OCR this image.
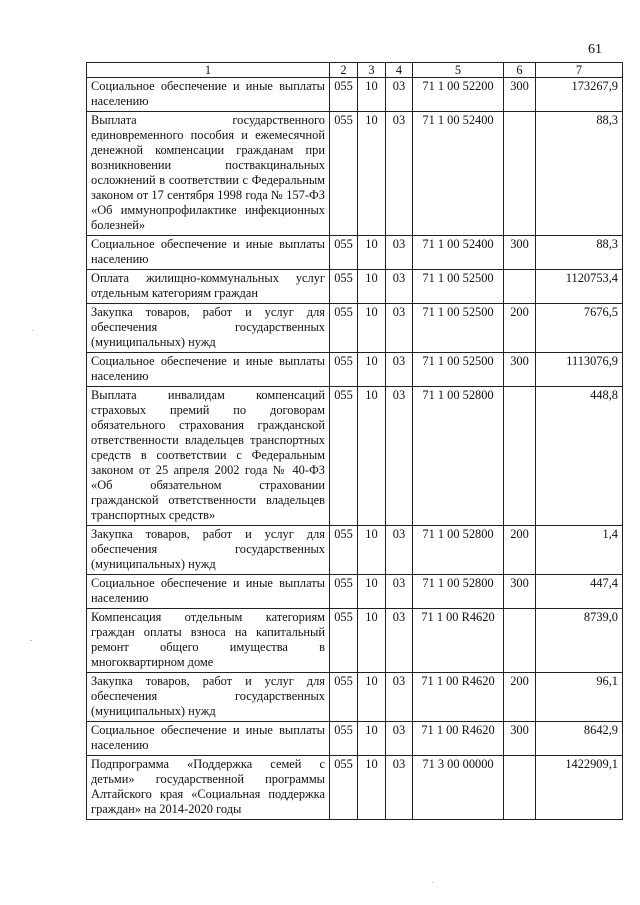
61
1	2	3	4	5	6	7
Социальное обеспечение и иные выплаты населению	055	10	03	71 1 00 52200	300	173267,9
Выплата государственного единовременного пособия и ежемесячной денежной компенсации гражданам при возникновении поствакцинальных осложнений в соответствии с Федеральным законом от 17 сентября 1998 года № 157-ФЗ «Об иммунопрофилактике инфекционных болезней»	055	10	03	71 1 00 52400		88,3
Социальное обеспечение и иные выплаты населению	055	10	03	71 1 00 52400	300	88,3
Оплата жилищно-коммунальных услуг отдельным категориям граждан	055	10	03	71 1 00 52500		1120753,4
Закупка товаров, работ и услуг для обеспечения государственных (муниципальных) нужд	055	10	03	71 1 00 52500	200	7676,5
Социальное обеспечение и иные выплаты населению	055	10	03	71 1 00 52500	300	1113076,9
Выплата инвалидам компенсаций страховых премий по договорам обязательного страхования гражданской ответственности владельцев транспортных средств в соответствии с Федеральным законом от 25 апреля 2002 года № 40-ФЗ «Об обязательном страховании гражданской ответственности владельцев транспортных средств»	055	10	03	71 1 00 52800		448,8
Закупка товаров, работ и услуг для обеспечения государственных (муниципальных) нужд	055	10	03	71 1 00 52800	200	1,4
Социальное обеспечение и иные выплаты населению	055	10	03	71 1 00 52800	300	447,4
Компенсация отдельным категориям граждан оплаты взноса на капитальный ремонт общего имущества в многоквартирном доме	055	10	03	71 1 00 R4620		8739,0
Закупка товаров, работ и услуг для обеспечения государственных (муниципальных) нужд	055	10	03	71 1 00 R4620	200	96,1
Социальное обеспечение и иные выплаты населению	055	10	03	71 1 00 R4620	300	8642,9
Подпрограмма «Поддержка семей с детьми» государственной программы Алтайского края «Социальная поддержка граждан» на 2014-2020 годы	055	10	03	71 3 00 00000		1422909,1
